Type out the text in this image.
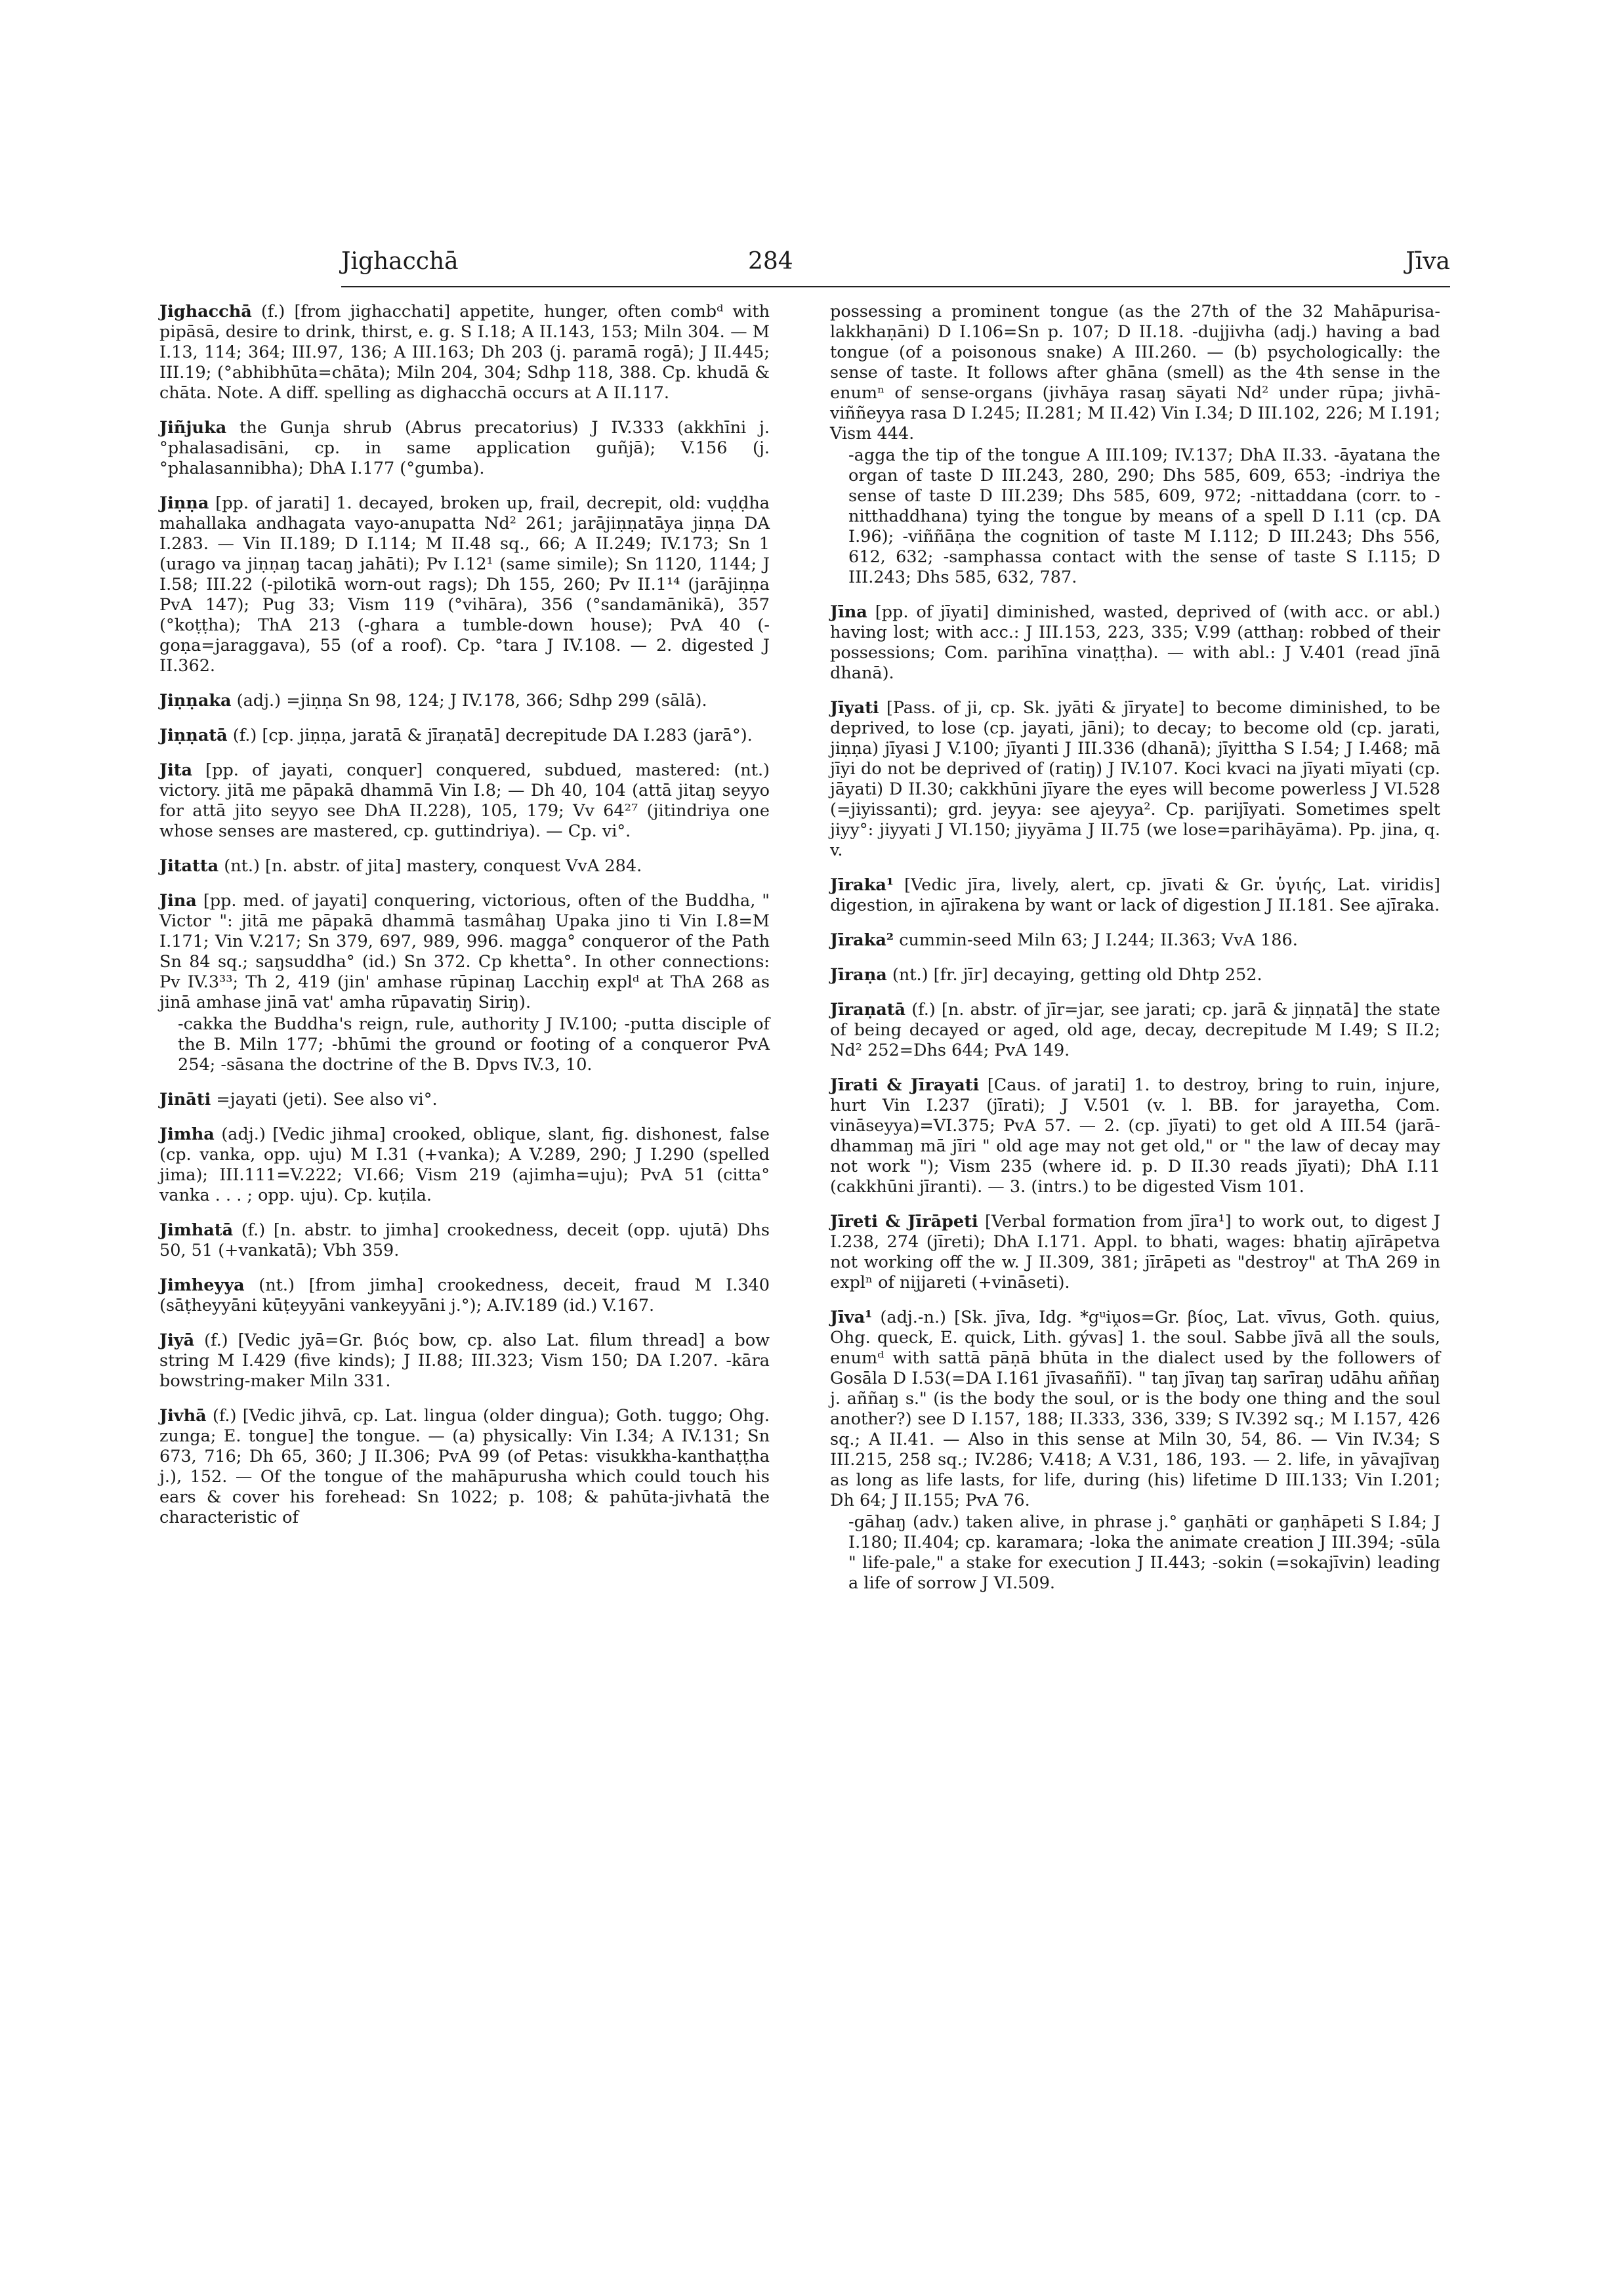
Jighacchā	284	Jīva
Jighacchā (f.) [from jighacchati] appetite, hunger, often combᵈ with pipāsā, desire to drink, thirst, e. g. S I.18; A II.143, 153; Miln 304. — M I.13, 114; 364; III.97, 136; A III.163; Dh 203 (j. paramā rogā); J II.445; III.19; (°abhibhūta=chāta); Miln 204, 304; Sdhp 118, 388. Cp. khudā & chāta. Note. A diff. spelling as dighacchā occurs at A II.117.
Jiñjuka the Gunja shrub (Abrus precatorius) J IV.333 (akkhīni j. °phalasadisāni, cp. in same application guñjā); V.156 (j. °phalasannibha); DhA I.177 (°gumba).
Jiṇṇa [pp. of jarati] 1. decayed, broken up, frail, decrepit, old: vuḍḍha mahallaka andhagata vayo-anupatta Nd² 261; jarājiṇṇatāya jiṇṇa DA I.283. — Vin II.189; D I.114; M II.48 sq., 66; A II.249; IV.173; Sn 1 (urago va jiṇṇaŋ tacaŋ jahāti); Pv I.12¹ (same simile); Sn 1120, 1144; J I.58; III.22 (-pilotikā worn-out rags); Dh 155, 260; Pv II.1¹⁴ (jarājiṇṇa PvA 147); Pug 33; Vism 119 (°vihāra), 356 (°sandamānikā), 357 (°koṭṭha); ThA 213 (-ghara a tumble-down house); PvA 40 (-goṇa=jaraggava), 55 (of a roof). Cp. °tara J IV.108. — 2. digested J II.362.
Jiṇṇaka (adj.) =jiṇṇa Sn 98, 124; J IV.178, 366; Sdhp 299 (sālā).
Jiṇṇatā (f.) [cp. jiṇṇa, jaratā & jīraṇatā] decrepitude DA I.283 (jarā°).
Jita [pp. of jayati, conquer] conquered, subdued, mastered: (nt.) victory. jitā me pāpakā dhammā Vin I.8; — Dh 40, 104 (attā jitaŋ seyyo for attā jito seyyo see DhA II.228), 105, 179; Vv 64²⁷ (jitindriya one whose senses are mastered, cp. guttindriya). — Cp. vi°.
Jitatta (nt.) [n. abstr. of jita] mastery, conquest VvA 284.
Jina [pp. med. of jayati] conquering, victorious, often of the Buddha, " Victor ": jitā me pāpakā dhammā tasmâhaŋ Upaka jino ti Vin I.8=M I.171; Vin V.217; Sn 379, 697, 989, 996. magga° conqueror of the Path Sn 84 sq.; saŋsuddha° (id.) Sn 372. Cp khetta°. In other connections: Pv IV.3³³; Th 2, 419 (jin' amhase rūpinaŋ Lacchiŋ explᵈ at ThA 268 as jinā amhase jinā vat' amha rūpavatiŋ Siriŋ).
-cakka the Buddha's reign, rule, authority J IV.100; -putta disciple of the B. Miln 177; -bhūmi the ground or footing of a conqueror PvA 254; -sāsana the doctrine of the B. Dpvs IV.3, 10.
Jināti =jayati (jeti). See also vi°.
Jimha (adj.) [Vedic jihma] crooked, oblique, slant, fig. dishonest, false (cp. vanka, opp. uju) M I.31 (+vanka); A V.289, 290; J I.290 (spelled jima); III.111=V.222; VI.66; Vism 219 (ajimha=uju); PvA 51 (citta° vanka . . . ; opp. uju). Cp. kuṭila.
Jimhatā (f.) [n. abstr. to jimha] crookedness, deceit (opp. ujutā) Dhs 50, 51 (+vankatā); Vbh 359.
Jimheyya (nt.) [from jimha] crookedness, deceit, fraud M I.340 (sāṭheyyāni kūṭeyyāni vankeyyāni j.°); A.IV.189 (id.) V.167.
Jiyā (f.) [Vedic jyā=Gr. βιός bow, cp. also Lat. filum thread] a bow string M I.429 (five kinds); J II.88; III.323; Vism 150; DA I.207. -kāra bowstring-maker Miln 331.
Jivhā (f.) [Vedic jihvā, cp. Lat. lingua (older dingua); Goth. tuggo; Ohg. zunga; E. tongue] the tongue. — (a) physically: Vin I.34; A IV.131; Sn 673, 716; Dh 65, 360; J II.306; PvA 99 (of Petas: visukkha-kanthaṭṭha j.), 152. — Of the tongue of the mahāpurusha which could touch his ears & cover his forehead: Sn 1022; p. 108; & pahūta-jivhatā the characteristic of
possessing a prominent tongue (as the 27th of the 32 Mahāpurisa-lakkhaṇāni) D I.106=Sn p. 107; D II.18. -dujjivha (adj.) having a bad tongue (of a poisonous snake) A III.260. — (b) psychologically: the sense of taste. It follows after ghāna (smell) as the 4th sense in the enumⁿ of sense-organs (jivhāya rasaŋ sāyati Nd² under rūpa; jivhā-viññeyya rasa D I.245; II.281; M II.42) Vin I.34; D III.102, 226; M I.191; Vism 444.
-agga the tip of the tongue A III.109; IV.137; DhA II.33. -āyatana the organ of taste D III.243, 280, 290; Dhs 585, 609, 653; -indriya the sense of taste D III.239; Dhs 585, 609, 972; -nittaddana (corr. to -nitthaddhana) tying the tongue by means of a spell D I.11 (cp. DA I.96); -viññāṇa the cognition of taste M I.112; D III.243; Dhs 556, 612, 632; -samphassa contact with the sense of taste S I.115; D III.243; Dhs 585, 632, 787.
Jīna [pp. of jīyati] diminished, wasted, deprived of (with acc. or abl.) having lost; with acc.: J III.153, 223, 335; V.99 (atthaŋ: robbed of their possessions; Com. parihīna vinaṭṭha). — with abl.: J V.401 (read jīnā dhanā).
Jīyati [Pass. of ji, cp. Sk. jyāti & jīryate] to become diminished, to be deprived, to lose (cp. jayati, jāni); to decay; to become old (cp. jarati, jiṇṇa) jīyasi J V.100; jīyanti J III.336 (dhanā); jīyittha S I.54; J I.468; mā jīyi do not be deprived of (ratiŋ) J IV.107. Koci kvaci na jīyati mīyati (cp. jāyati) D II.30; cakkhūni jīyare the eyes will become powerless J VI.528 (=jiyissanti); grd. jeyya: see ajeyya². Cp. parijīyati. Sometimes spelt jiyy°: jiyyati J VI.150; jiyyāma J II.75 (we lose=parihāyāma). Pp. jina, q. v.
Jīraka¹ [Vedic jīra, lively, alert, cp. jīvati & Gr. ὑγιής, Lat. viridis] digestion, in ajīrakena by want or lack of digestion J II.181. See ajīraka.
Jīraka² cummin-seed Miln 63; J I.244; II.363; VvA 186.
Jīraṇa (nt.) [fr. jīr] decaying, getting old Dhtp 252.
Jīraṇatā (f.) [n. abstr. of jīr=jar, see jarati; cp. jarā & jiṇṇatā] the state of being decayed or aged, old age, decay, decrepitude M I.49; S II.2; Nd² 252=Dhs 644; PvA 149.
Jīrati & Jīrayati [Caus. of jarati] 1. to destroy, bring to ruin, injure, hurt Vin I.237 (jīrati); J V.501 (v. l. BB. for jarayetha, Com. vināseyya)=VI.375; PvA 57. — 2. (cp. jīyati) to get old A III.54 (jarā-dhammaŋ mā jīri " old age may not get old," or " the law of decay may not work "); Vism 235 (where id. p. D II.30 reads jīyati); DhA I.11 (cakkhūni jīranti). — 3. (intrs.) to be digested Vism 101.
Jīreti & Jīrāpeti [Verbal formation from jīra¹] to work out, to digest J I.238, 274 (jīreti); DhA I.171. Appl. to bhati, wages: bhatiŋ ajīrāpetva not working off the w. J II.309, 381; jīrāpeti as "destroy" at ThA 269 in explⁿ of nijjareti (+vināseti).
Jīva¹ (adj.-n.) [Sk. jīva, Idg. *gᵘiṷos=Gr. βίος, Lat. vīvus, Goth. quius, Ohg. queck, E. quick, Lith. gývas] 1. the soul. Sabbe jīvā all the souls, enumᵈ with sattā pāṇā bhūta in the dialect used by the followers of Gosāla D I.53(=DA I.161 jīvasaññī). " taŋ jīvaŋ taŋ sarīraŋ udāhu aññaŋ j. aññaŋ s." (is the body the soul, or is the body one thing and the soul another?) see D I.157, 188; II.333, 336, 339; S IV.392 sq.; M I.157, 426 sq.; A II.41. — Also in this sense at Miln 30, 54, 86. — Vin IV.34; S III.215, 258 sq.; IV.286; V.418; A V.31, 186, 193. — 2. life, in yāvajīvaŋ as long as life lasts, for life, during (his) lifetime D III.133; Vin I.201; Dh 64; J II.155; PvA 76.
-gāhaŋ (adv.) taken alive, in phrase j.° gaṇhāti or gaṇhāpeti S I.84; J I.180; II.404; cp. karamara; -loka the animate creation J III.394; -sūla " life-pale," a stake for execution J II.443; -sokin (=sokajīvin) leading a life of sorrow J VI.509.
